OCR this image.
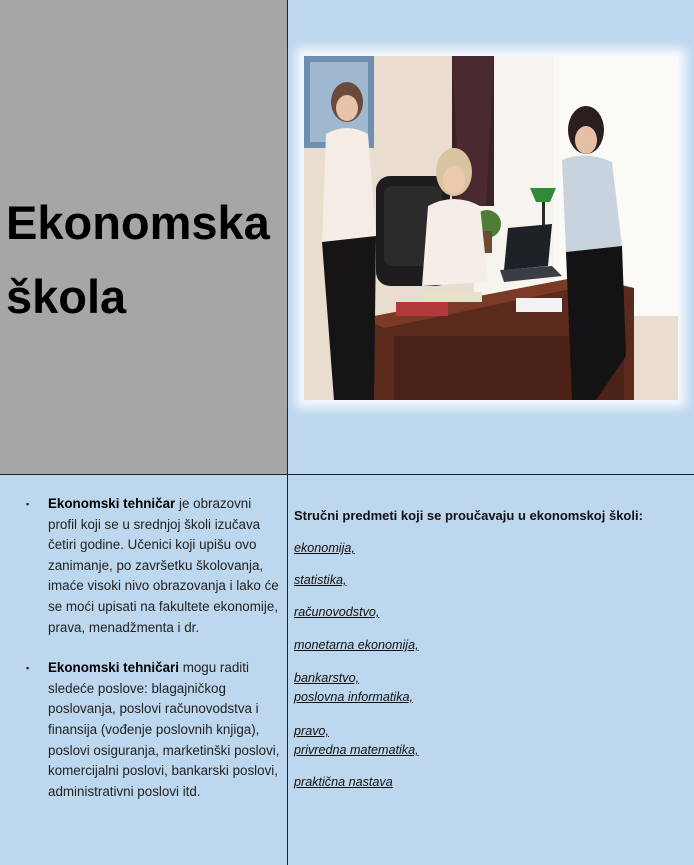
Ekonomska
škola
▪ Ekonomski tehničar je obrazovni profil koji se u srednjoj školi izučava četiri godine. Učenici koji upišu ovo zanimanje, po završetku školovanja, imaće visoki nivo obrazovanja i lako će se moći upisati na fakultete ekonomije, prava, menadžmenta i dr.
▪ Ekonomski tehničari mogu raditi sledeće poslove: blagajničkog poslovanja, poslovi računovodstva i finansija (vođenje poslovnih knjiga), poslovi osiguranja, marketinški poslovi, komercijalni poslovi, bankarski poslovi, administrativni poslovi itd.
Stručni predmeti koji se proučavaju u ekonomskoj školi:
ekonomija,
statistika,
računovodstvo,
monetarna ekonomija,
bankarstvo,
poslovna informatika,
pravo,
privredna matematika,
praktična nastava
